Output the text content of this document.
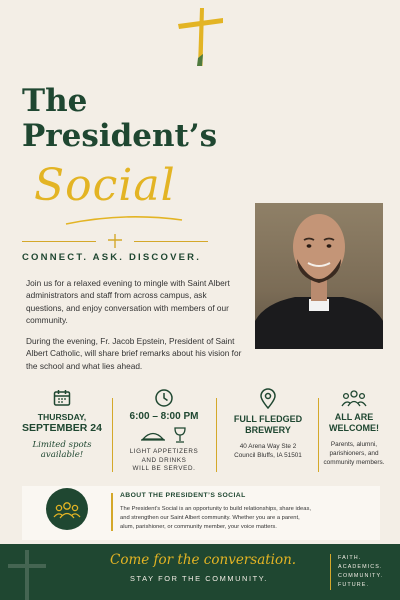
The
President’s
Social
CONNECT. ASK. DISCOVER.

Join us for a relaxed evening to mingle with Saint Albert administrators and staff from across campus, ask questions, and enjoy conversation with members of our community.

During the evening, Fr. Jacob Epstein, President of Saint Albert Catholic, will share brief remarks about his vision for the school and what lies ahead.

THURSDAY,
SEPTEMBER 24
Limited spots
available!
6:00 – 8:00 PM
LIGHT APPETIZERS
AND DRINKS
WILL BE SERVED.
FULL FLEDGED
BREWERY
40 Arena Way Ste 2
Council Bluffs, IA 51501
ALL ARE
WELCOME!
Parents, alumni,
parishioners, and
community members.
ABOUT THE PRESIDENT’S SOCIAL
The President’s Social is an opportunity to build relationships, share ideas,
and strengthen our Saint Albert community. Whether you are a parent,
alum, parishioner, or community member, your voice matters.
Come for the conversation.
STAY FOR THE COMMUNITY.
FAITH.
ACADEMICS.
COMMUNITY.
FUTURE.
